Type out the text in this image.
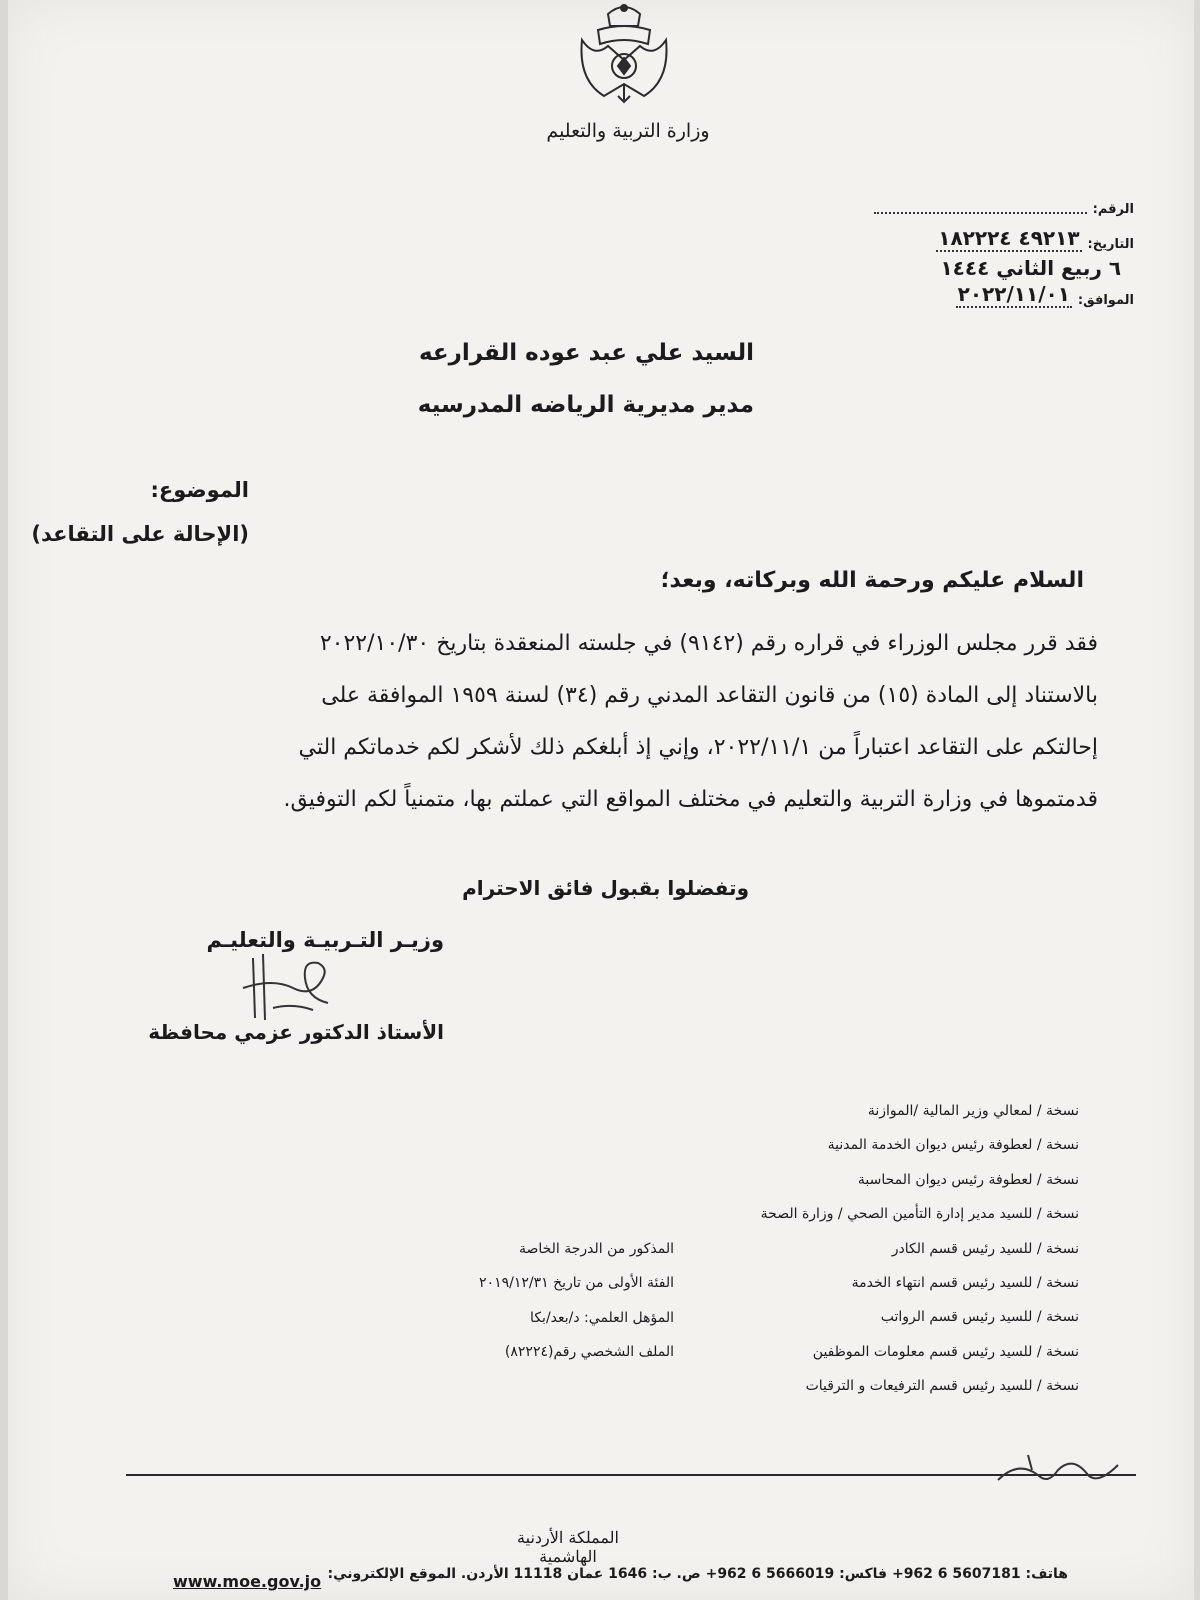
وزارة التربية والتعليم
الرقم:
التاريخ:
٤٩٢١٣ ١٨٢٢٢٤
٦ ربيع الثاني ١٤٤٤
الموافق:
٢٠٢٢/١١/٠١
السيد علي عبد عوده القرارعه
مدير مديرية الرياضه المدرسيه
الموضوع:
(الإحالة على التقاعد)
السلام عليكم ورحمة الله وبركاته، وبعد؛
فقد قرر مجلس الوزراء في قراره رقم (٩١٤٢) في جلسته المنعقدة بتاريخ ٢٠٢٢/١٠/٣٠
بالاستناد إلى المادة (١٥) من قانون التقاعد المدني رقم (٣٤) لسنة ١٩٥٩ الموافقة على
إحالتكم على التقاعد اعتباراً من ٢٠٢٢/١١/١، وإني إذ أبلغكم ذلك لأشكر لكم خدماتكم التي
قدمتموها في وزارة التربية والتعليم في مختلف المواقع التي عملتم بها، متمنياً لكم التوفيق.
وتفضلوا بقبول فائق الاحترام
وزيـر التـربيـة والتعليـم
الأستاذ الدكتور عزمي محافظة
نسخة / لمعالي وزير المالية /الموازنة
نسخة / لعطوفة رئيس ديوان الخدمة المدنية
نسخة / لعطوفة رئيس ديوان المحاسبة
نسخة / للسيد مدير إدارة التأمين الصحي / وزارة الصحة
نسخة / للسيد رئيس قسم الكادر
نسخة / للسيد رئيس قسم انتهاء الخدمة
نسخة / للسيد رئيس قسم الرواتب
نسخة / للسيد رئيس قسم معلومات الموظفين
نسخة / للسيد رئيس قسم الترفيعات و الترقيات
المذكور من الدرجة الخاصة
الفئة الأولى من تاريخ ٢٠١٩/١٢/٣١
المؤهل العلمي: د/بعد/بكا
الملف الشخصي رقم(٨٢٢٢٤)
المملكة الأردنية الهاشمية
هاتف: 5607181 6 962+ فاكس: 5666019 6 962+ ص. ب: 1646 عمان 11118 الأردن. الموقع الإلكتروني:
www.moe.gov.jo
